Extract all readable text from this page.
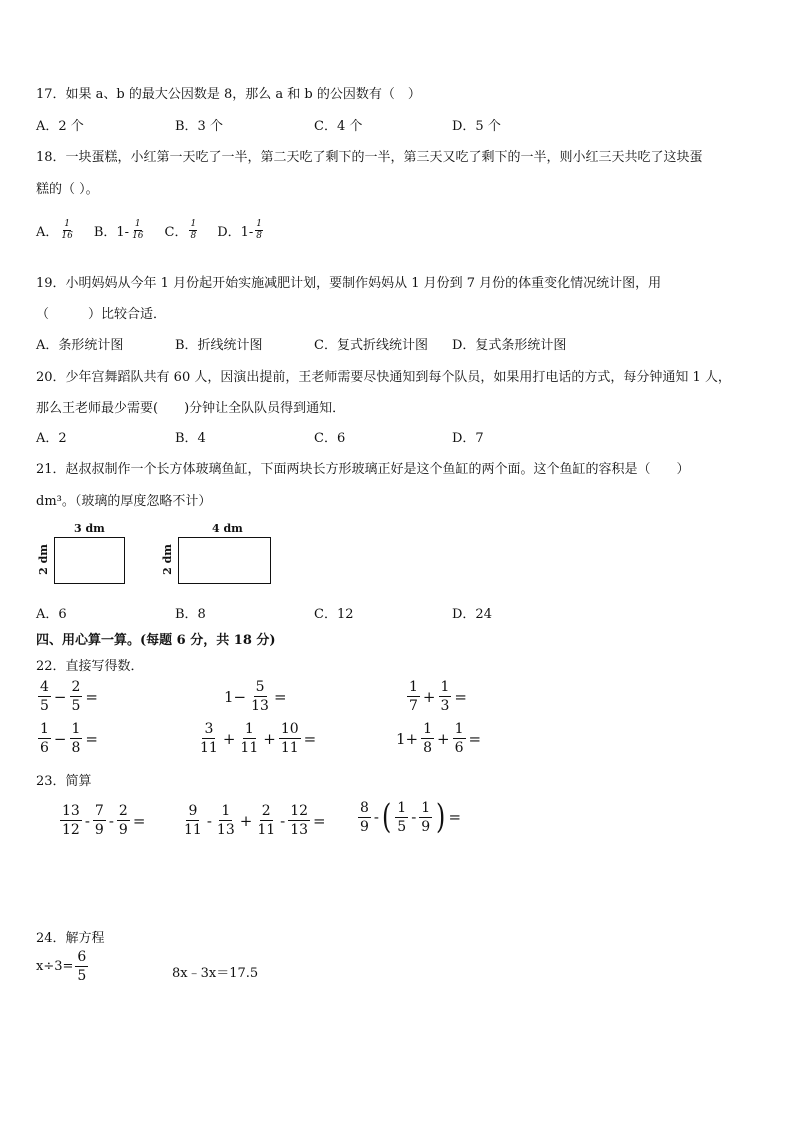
17．如果 a、b 的最大公因数是 8，那么 a 和 b 的公因数有（　）
A．2 个	B．3 个	C．4 个	D．5 个
18．一块蛋糕，小红第一天吃了一半，第二天吃了剩下的一半，第三天又吃了剩下的一半，则小红三天共吃了这块蛋
糕的（ ）。
A． $\frac{1}{16}$ B．$1- \frac{1}{16}$ C． $\frac{1}{8}$ D．$1- \frac{1}{8}$
19．小明妈妈从今年 1 月份起开始实施减肥计划，要制作妈妈从 1 月份到 7 月份的体重变化情况统计图，用
（　　　）比较合适．
A．条形统计图	B．折线统计图	C．复式折线统计图 D．复式条形统计图
20．少年宫舞蹈队共有 60 人，因演出提前，王老师需要尽快通知到每个队员，如果用打电话的方式，每分钟通知 1 人，
那么王老师最少需要(　　)分钟让全队队员得到通知．
A．2	B．4	C．6	D．7
21．赵叔叔制作一个长方体玻璃鱼缸，下面两块长方形玻璃正好是这个鱼缸的两个面。这个鱼缸的容积是（　　）
dm³。（玻璃的厚度忽略不计）
3 dm
2 dm
4 dm
2 dm
A．6	B．8	C．12	D．24
四、用心算一算。(每题 6 分，共 18 分)
22．直接写得数．
$\frac{4}{5} - \frac{2}{5}$ =	$1- \frac{5}{13}$ =	$\frac{1}{7} + \frac{1}{3}$ =
$\frac{1}{6} - \frac{1}{8}$ =	$\frac{3}{11} + \frac{1}{11} + \frac{10}{11}$ =	$1+ \frac{1}{8} + \frac{1}{6}$ =
23．简算
$\frac{13}{12} - \frac{7}{9} - \frac{2}{9}$ =	$\frac{9}{11} - \frac{1}{13} + \frac{2}{11} - \frac{12}{13} = \frac{8}{9}$ - ( $\frac{1}{5} - \frac{1}{9}$ ) =
24．解方程
$x\div 3= \frac{6}{5}$	8x﹣3x＝17.5
